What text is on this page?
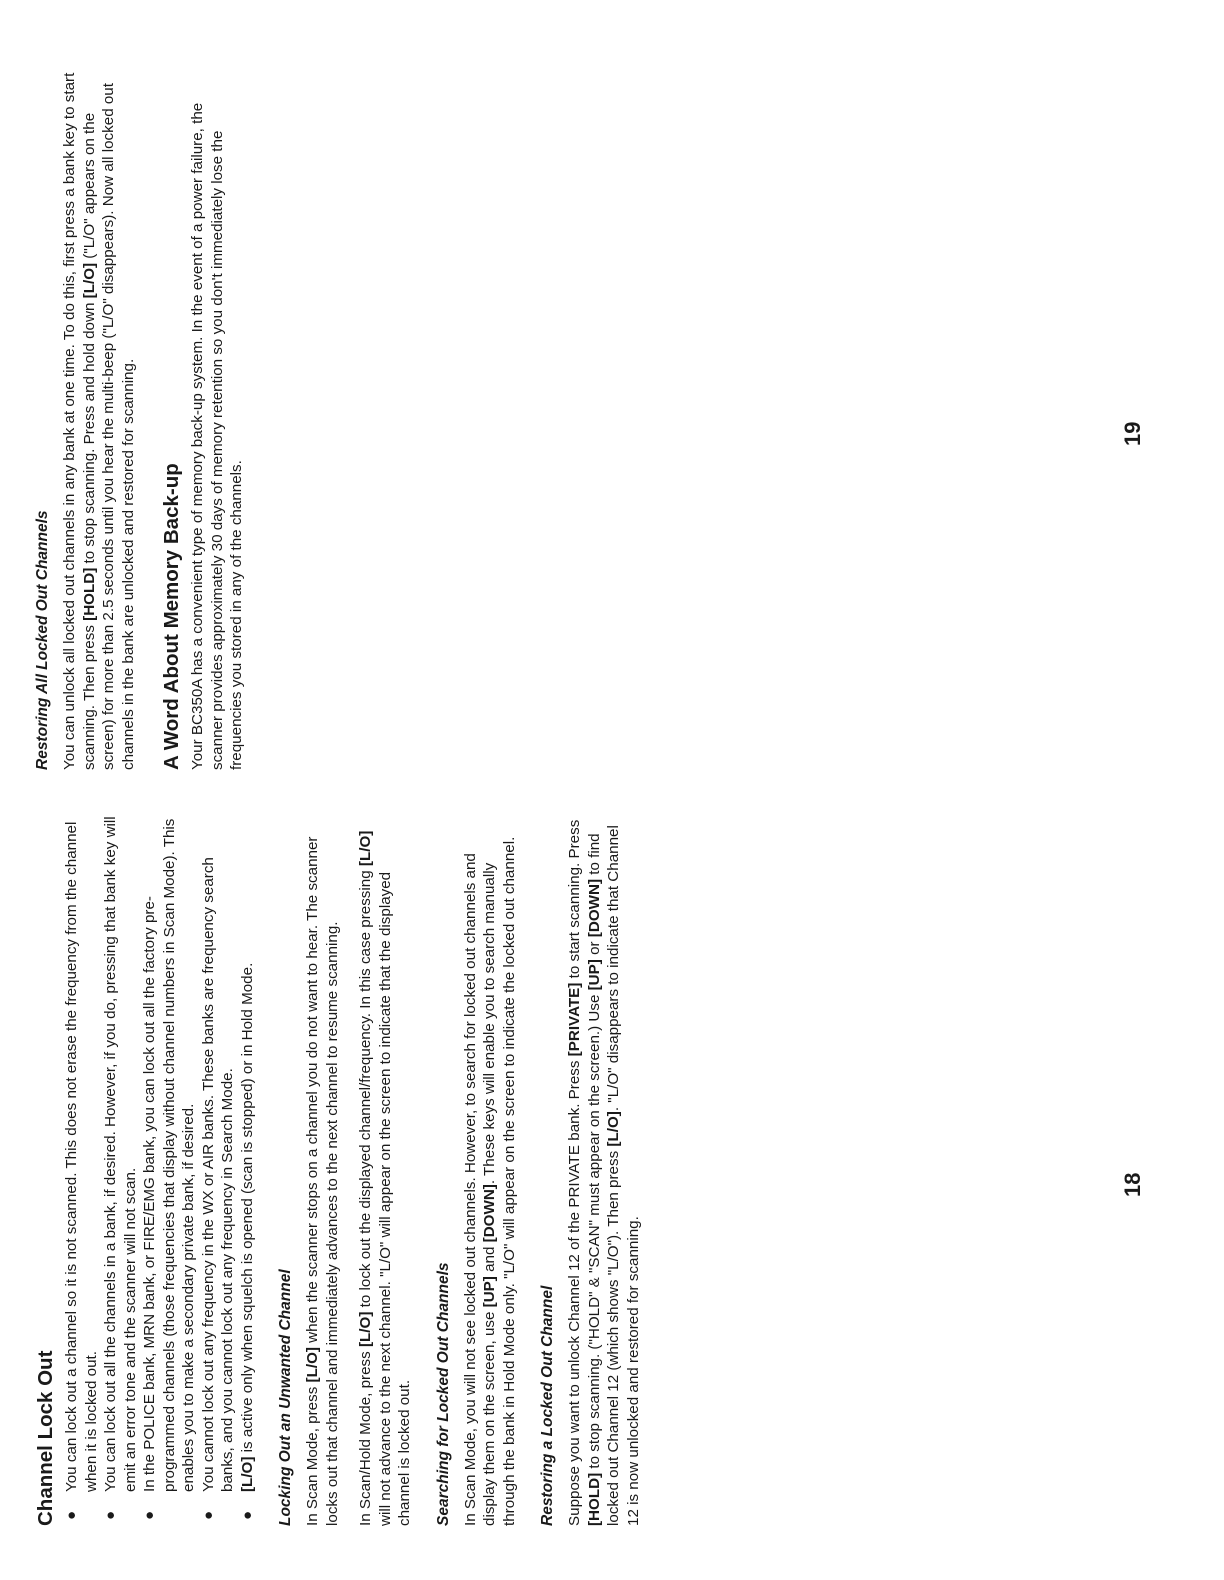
Channel Lock Out ●
You can lock out a channel so it is not scanned. This does not erase the frequency from the channel when it is locked out.
●
You can lock out all the channels in a bank, if desired. However, if you do, pressing that bank key will emit an error tone and the scanner will not scan.
●
In the POLICE bank, MRN bank, or FIRE/EMG bank, you can lock out all the factory pre-programmed channels (those frequencies that display without channel numbers in Scan Mode). This enables you to make a secondary private bank, if desired.
●
You cannot lock out any frequency in the WX or AIR banks. These banks are frequency search banks, and you cannot lock out any frequency in Search Mode.
●
[L/O] is active only when squelch is opened (scan is stopped) or in Hold Mode. Locking Out an Unwanted Channel In Scan Mode, press [L/O] when the scanner stops on a channel you do not want to hear. The scanner locks out that channel and immediately advances to the next channel to resume scanning. In Scan/Hold Mode, press [L/O] to lock out the displayed channel/frequency. In this case pressing [L/O] will not advance to the next channel. "L/O" will appear on the screen to indicate that the displayed channel is locked out. Searching for Locked Out Channels In Scan Mode, you will not see locked out channels. However, to search for locked out channels and display them on the screen, use [UP] and [DOWN]. These keys will enable you to search manually through the bank in Hold Mode only. "L/O" will appear on the screen to indicate the locked out channel. Restoring a Locked Out Channel Suppose you want to unlock Channel 12 of the PRIVATE bank. Press [PRIVATE] to start scanning. Press [HOLD] to stop scanning. ("HOLD" & "SCAN" must appear on the screen.) Use [UP] or [DOWN] to find locked out Channel 12 (which shows "L/O"). Then press [L/O]. "L/O" disappears to indicate that Channel 12 is now unlocked and restored for scanning.

18
Restoring All Locked Out Channels You can unlock all locked out channels in any bank at one time. To do this, first press a bank key to start scanning. Then press [HOLD] to stop scanning. Press and hold down [L/O] ("L/O" appears on the screen) for more than 2.5 seconds until you hear the multi-beep ("L/O" disappears). Now all locked out channels in the bank are unlocked and restored for scanning. A Word About Memory Back-up Your BC350A has a convenient type of memory back-up system. In the event of a power failure, the scanner provides approximately 30 days of memory retention so you don't immediately lose the frequencies you stored in any of the channels.

19
